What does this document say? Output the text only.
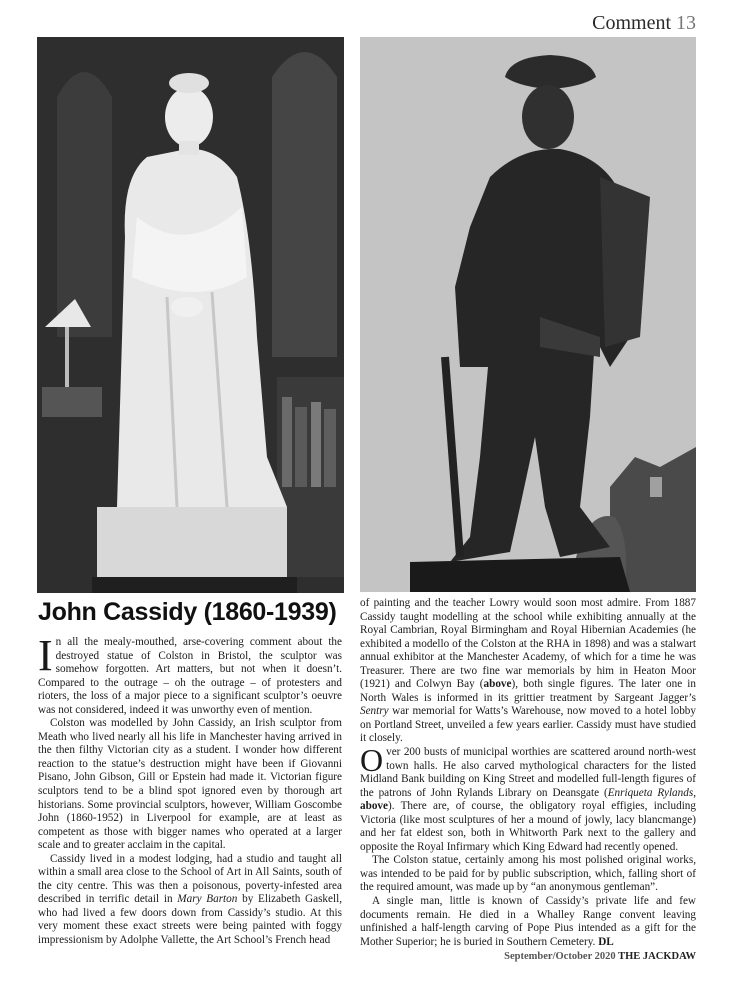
Comment 13
John Cassidy (1860-1939)

In all the mealy-mouthed, arse-covering comment about the destroyed statue of Colston in Bristol, the sculptor was somehow forgotten. Art matters, but not when it doesn’t. Compared to the outrage – oh the outrage – of protesters and rioters, the loss of a major piece to a significant sculptor’s oeuvre was not considered, indeed it was unworthy even of mention.

Colston was modelled by John Cassidy, an Irish sculptor from Meath who lived nearly all his life in Manchester having arrived in the then filthy Victorian city as a student. I wonder how different reaction to the statue’s destruction might have been if Giovanni Pisano, John Gibson, Gill or Epstein had made it. Victorian figure sculptors tend to be a blind spot ignored even by thorough art historians. Some provincial sculptors, however, William Goscombe John (1860-1952) in Liverpool for example, are at least as competent as those with bigger names who operated at a larger scale and to greater acclaim in the capital.

Cassidy lived in a modest lodging, had a studio and taught all within a small area close to the School of Art in All Saints, south of the city centre. This was then a poisonous, poverty-infested area described in terrific detail in Mary Barton by Elizabeth Gaskell, who had lived a few doors down from Cassidy’s studio. At this very moment these exact streets were being painted with foggy impressionism by Adolphe Vallette, the Art School’s French head

of painting and the teacher Lowry would soon most admire. From 1887 Cassidy taught modelling at the school while exhibiting annually at the Royal Cambrian, Royal Birmingham and Royal Hibernian Academies (he exhibited a modello of the Colston at the RHA in 1898) and was a stalwart annual exhibitor at the Manchester Academy, of which for a time he was Treasurer. There are two fine war memorials by him in Heaton Moor (1921) and Colwyn Bay (above), both single figures. The later one in North Wales is informed in its grittier treatment by Sargeant Jagger’s Sentry war memorial for Watts’s Warehouse, now moved to a hotel lobby on Portland Street, unveiled a few years earlier. Cassidy must have studied it closely.

Over 200 busts of municipal worthies are scattered around north-west town halls. He also carved mythological characters for the listed Midland Bank building on King Street and modelled full-length figures of the patrons of John Rylands Library on Deansgate (Enriqueta Rylands, above). There are, of course, the obligatory royal effigies, including Victoria (like most sculptures of her a mound of jowly, lacy blancmange) and her fat eldest son, both in Whitworth Park next to the gallery and opposite the Royal Infirmary which King Edward had recently opened.

The Colston statue, certainly among his most polished original works, was intended to be paid for by public subscription, which, falling short of the required amount, was made up by “an anonymous gentleman”.

A single man, little is known of Cassidy’s private life and few documents remain. He died in a Whalley Range convent leaving unfinished a half-length carving of Pope Pius intended as a gift for the Mother Superior; he is buried in Southern Cemetery. DL

September/October 2020 THE JACKDAW
